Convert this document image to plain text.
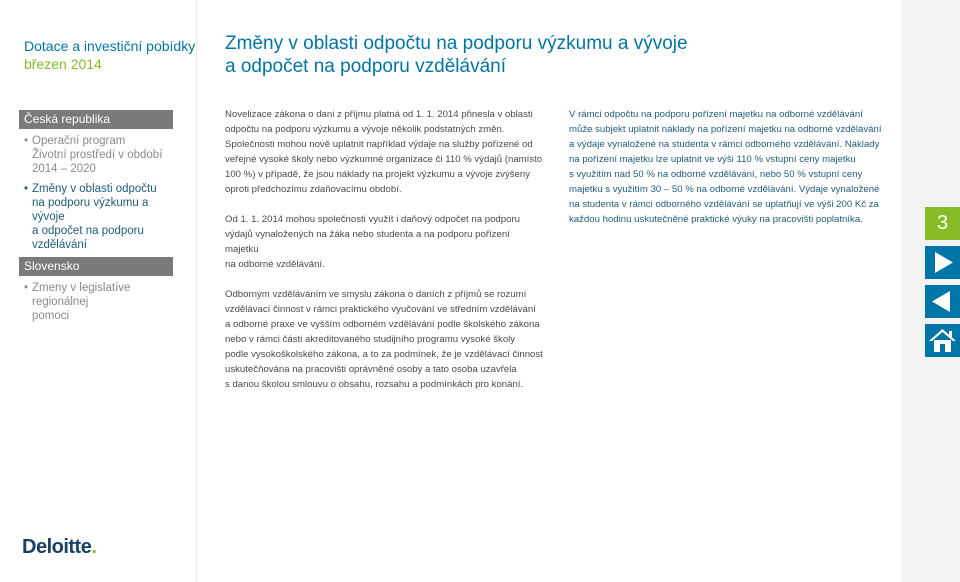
Dotace a investiční pobídky
březen 2014
Česká republika
• Operační program
Životní prostředí v období
2014 – 2020
• Změny v oblasti odpočtu
na podporu výzkumu a vývoje
a odpočet na podporu
vzdělávání
Slovensko
• Zmeny v legislatíve regionálnej
pomoci
Deloitte.
Změny v oblasti odpočtu na podporu výzkumu a vývoje
a odpočet na podporu vzdělávání

Novelizace zákona o dani z příjmu platná od 1. 1. 2014 přinesla v oblasti
odpočtu na podporu výzkumu a vývoje několik podstatných změn.
Společnosti mohou nově uplatnit například výdaje na služby pořízené od
veřejné vysoké školy nebo výzkumné organizace či 110 % výdajů (namísto
100 %) v případě, že jsou náklady na projekt výzkumu a vývoje zvýšeny
oproti předchozímu zdaňovacímu období.

Od 1. 1. 2014 mohou společnosti využít i daňový odpočet na podporu
výdajů vynaložených na žáka nebo studenta a na podporu pořízení majetku
na odborné vzdělávání.

Odborným vzděláváním ve smyslu zákona o daních z příjmů se rozumí
vzdělávací činnost v rámci praktického vyučování ve středním vzdělávání
a odborné praxe ve vyšším odborném vzdělávání podle školského zákona
nebo v rámci části akreditovaného studijního programu vysoké školy
podle vysokoškolského zákona, a to za podmínek, že je vzdělávací činnost
uskutečňována na pracovišti oprávněné osoby a tato osoba uzavřela
s danou školou smlouvu o obsahu, rozsahu a podmínkách pro konání.

V rámci odpočtu na podporu pořízení majetku na odborné vzdělávání
může subjekt uplatnit náklady na pořízení majetku na odborné vzdělávání
a výdaje vynaložené na studenta v rámci odborného vzdělávání. Náklady
na pořízení majetku lze uplatnit ve výši 110 % vstupní ceny majetku
s využitím nad 50 % na odborné vzdělávání, nebo 50 % vstupní ceny
majetku s využitím 30 – 50 % na odborné vzdělávání. Výdaje vynaložené
na studenta v rámci odborného vzdělávání se uplatňují ve výši 200 Kč za
každou hodinu uskutečněné praktické výuky na pracovišti poplatníka.	3
